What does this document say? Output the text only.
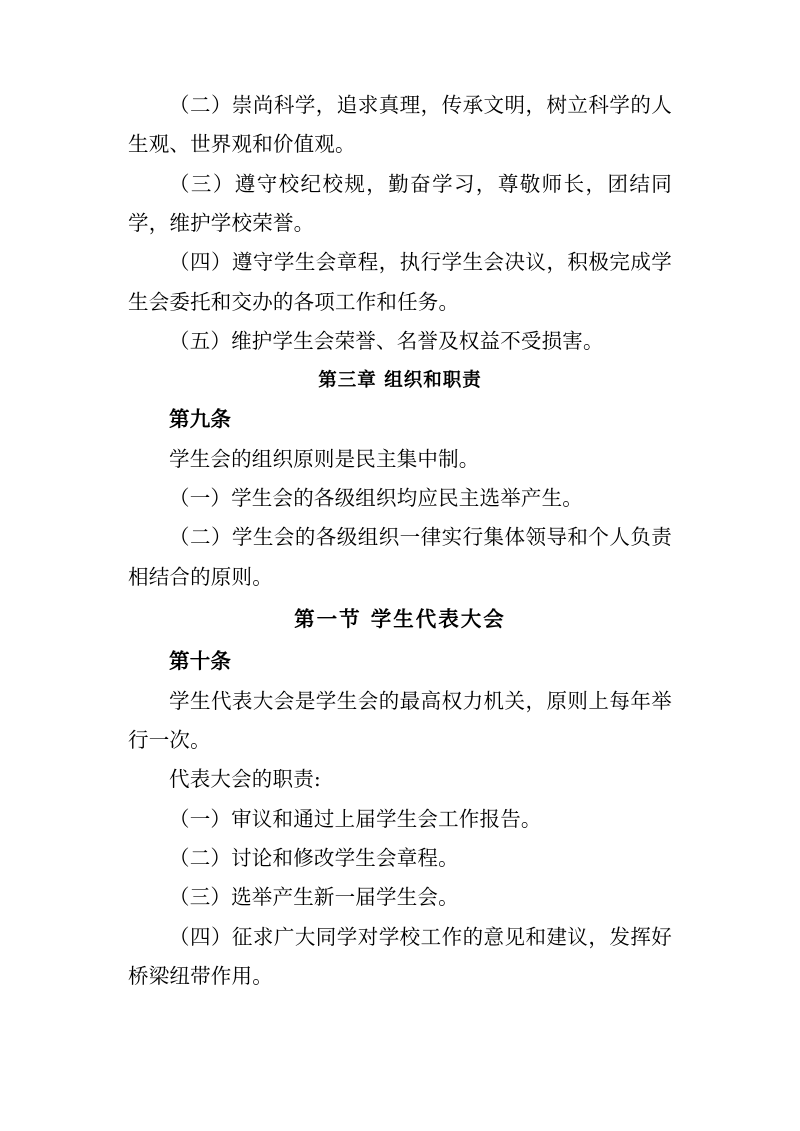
（二）崇尚科学，追求真理，传承文明，树立科学的人生观、世界观和价值观。

（三）遵守校纪校规，勤奋学习，尊敬师长，团结同学，维护学校荣誉。

（四）遵守学生会章程，执行学生会决议，积极完成学生会委托和交办的各项工作和任务。

（五）维护学生会荣誉、名誉及权益不受损害。

第三章 组织和职责

第九条

学生会的组织原则是民主集中制。

（一）学生会的各级组织均应民主选举产生。

（二）学生会的各级组织一律实行集体领导和个人负责相结合的原则。

第一节 学生代表大会

第十条

学生代表大会是学生会的最高权力机关，原则上每年举行一次。

代表大会的职责:

（一）审议和通过上届学生会工作报告。

（二）讨论和修改学生会章程。

（三）选举产生新一届学生会。

（四）征求广大同学对学校工作的意见和建议，发挥好桥梁纽带作用。
